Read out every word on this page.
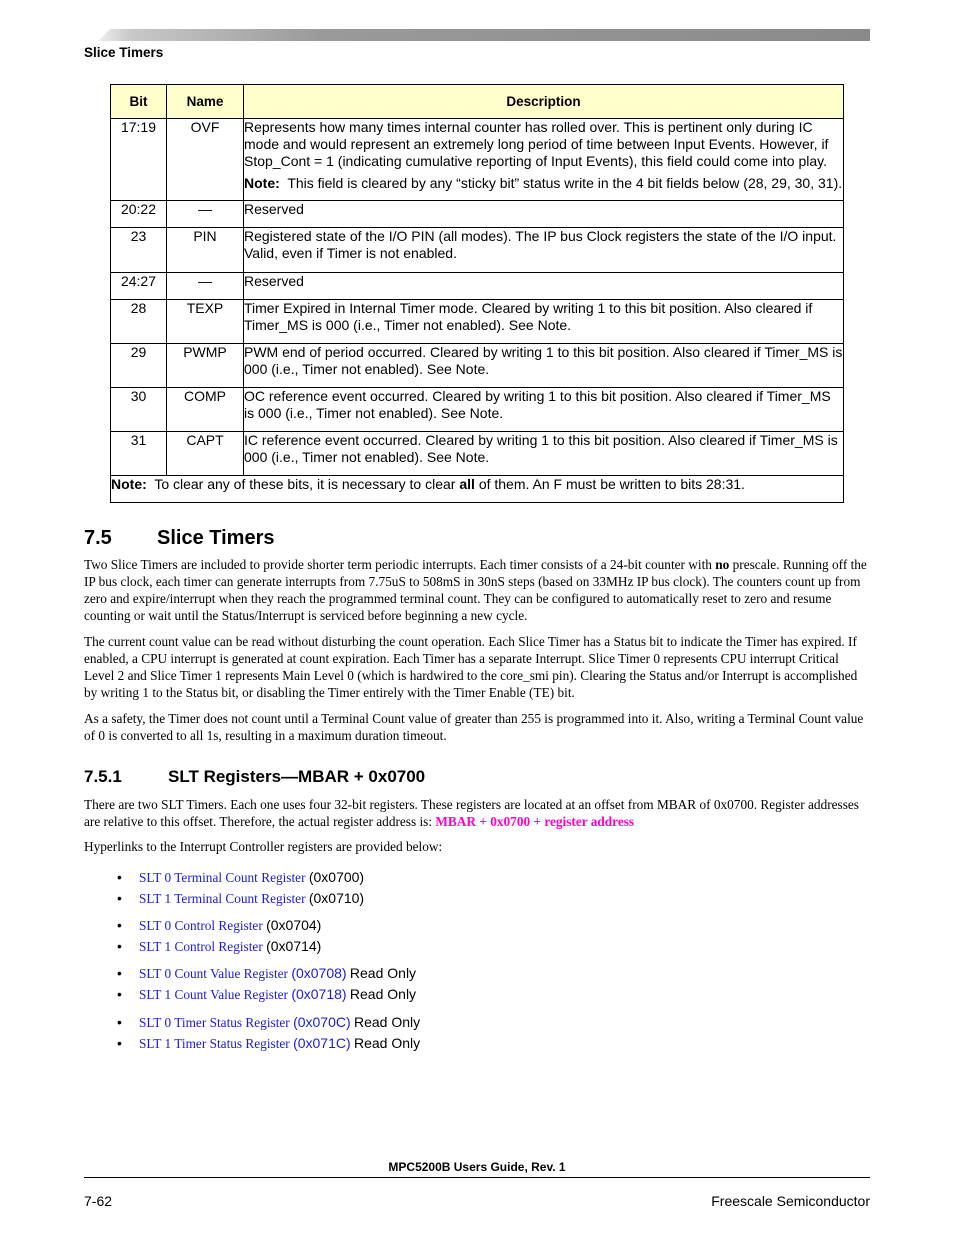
Slice Timers
Bit	Name	Description
17:19	OVF	Represents how many times internal counter has rolled over. This is pertinent only during IC mode and would represent an extremely long period of time between Input Events. However, if Stop_Cont = 1 (indicating cumulative reporting of Input Events), this field could come into play.

Note: This field is cleared by any “sticky bit” status write in the 4 bit fields below (28, 29, 30, 31).

20:22	—	Reserved
23	PIN	Registered state of the I/O PIN (all modes). The IP bus Clock registers the state of the I/O input. Valid, even if Timer is not enabled.
24:27	—	Reserved
28	TEXP	Timer Expired in Internal Timer mode. Cleared by writing 1 to this bit position. Also cleared if Timer_MS is 000 (i.e., Timer not enabled). See Note.
29	PWMP	PWM end of period occurred. Cleared by writing 1 to this bit position. Also cleared if Timer_MS is 000 (i.e., Timer not enabled). See Note.
30	COMP	OC reference event occurred. Cleared by writing 1 to this bit position. Also cleared if Timer_MS is 000 (i.e., Timer not enabled). See Note.
31	CAPT	IC reference event occurred. Cleared by writing 1 to this bit position. Also cleared if Timer_MS is 000 (i.e., Timer not enabled). See Note.
Note: To clear any of these bits, it is necessary to clear all of them. An F must be written to bits 28:31.		
7.5 Slice Timers

Two Slice Timers are included to provide shorter term periodic interrupts. Each timer consists of a 24-bit counter with no prescale. Running off the IP bus clock, each timer can generate interrupts from 7.75uS to 508mS in 30nS steps (based on 33MHz IP bus clock). The counters count up from zero and expire/interrupt when they reach the programmed terminal count. They can be configured to automatically reset to zero and resume counting or wait until the Status/Interrupt is serviced before beginning a new cycle.

The current count value can be read without disturbing the count operation. Each Slice Timer has a Status bit to indicate the Timer has expired. If enabled, a CPU interrupt is generated at count expiration. Each Timer has a separate Interrupt. Slice Timer 0 represents CPU interrupt Critical Level 2 and Slice Timer 1 represents Main Level 0 (which is hardwired to the core_smi pin). Clearing the Status and/or Interrupt is accomplished by writing 1 to the Status bit, or disabling the Timer entirely with the Timer Enable (TE) bit.

As a safety, the Timer does not count until a Terminal Count value of greater than 255 is programmed into it. Also, writing a Terminal Count value of 0 is converted to all 1s, resulting in a maximum duration timeout.

7.5.1	SLT Registers—MBAR + 0x0700

There are two SLT Timers. Each one uses four 32-bit registers. These registers are located at an offset from MBAR of 0x0700. Register addresses are relative to this offset. Therefore, the actual register address is: MBAR + 0x0700 + register address

Hyperlinks to the Interrupt Controller registers are provided below:

• SLT 0 Terminal Count Register (0x0700)
• SLT 1 Terminal Count Register (0x0710)
• SLT 0 Control Register (0x0704)
• SLT 1 Control Register (0x0714)
• SLT 0 Count Value Register (0x0708) Read Only
• SLT 1 Count Value Register (0x0718) Read Only
• SLT 0 Timer Status Register (0x070C) Read Only
• SLT 1 Timer Status Register (0x071C) Read Only
MPC5200B Users Guide, Rev. 1
7-62	Freescale Semiconductor
